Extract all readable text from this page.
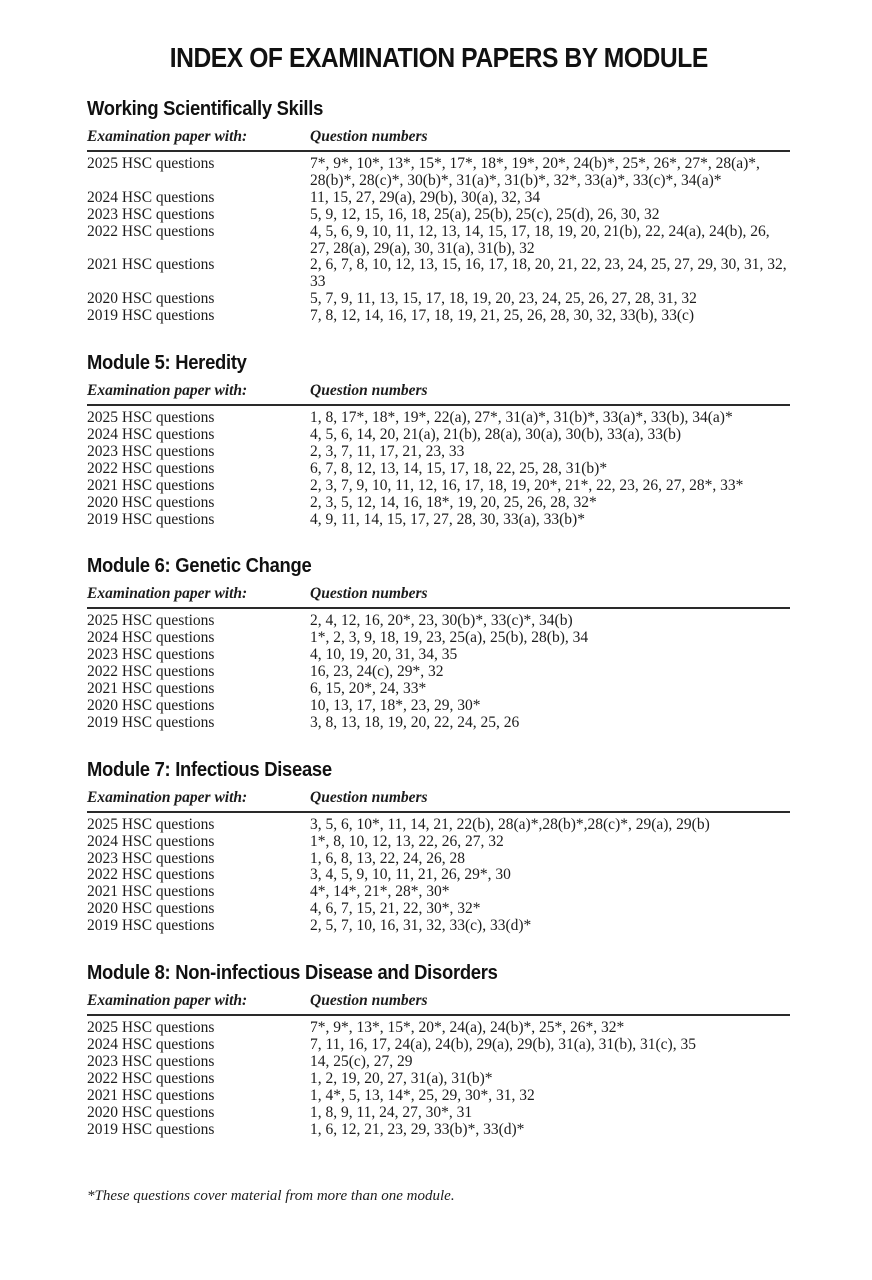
INDEX OF EXAMINATION PAPERS BY MODULE
Working Scientifically Skills
Examination paper with:	Question numbers
2025 HSC questions	7*, 9*, 10*, 13*, 15*, 17*, 18*, 19*, 20*, 24(b)*, 25*, 26*, 27*, 28(a)*, 28(b)*, 28(c)*, 30(b)*, 31(a)*, 31(b)*, 32*, 33(a)*, 33(c)*, 34(a)*
2024 HSC questions	11, 15, 27, 29(a), 29(b), 30(a), 32, 34
2023 HSC questions	5, 9, 12, 15, 16, 18, 25(a), 25(b), 25(c), 25(d), 26, 30, 32
2022 HSC questions	4, 5, 6, 9, 10, 11, 12, 13, 14, 15, 17, 18, 19, 20, 21(b), 22, 24(a), 24(b), 26, 27, 28(a), 29(a), 30, 31(a), 31(b), 32
2021 HSC questions	2, 6, 7, 8, 10, 12, 13, 15, 16, 17, 18, 20, 21, 22, 23, 24, 25, 27, 29, 30, 31, 32, 33
2020 HSC questions	5, 7, 9, 11, 13, 15, 17, 18, 19, 20, 23, 24, 25, 26, 27, 28, 31, 32
2019 HSC questions	7, 8, 12, 14, 16, 17, 18, 19, 21, 25, 26, 28, 30, 32, 33(b), 33(c)
Module 5: Heredity
Examination paper with:	Question numbers
2025 HSC questions	1, 8, 17*, 18*, 19*, 22(a), 27*, 31(a)*, 31(b)*, 33(a)*, 33(b), 34(a)*
2024 HSC questions	4, 5, 6, 14, 20, 21(a), 21(b), 28(a), 30(a), 30(b), 33(a), 33(b)
2023 HSC questions	2, 3, 7, 11, 17, 21, 23, 33
2022 HSC questions	6, 7, 8, 12, 13, 14, 15, 17, 18, 22, 25, 28, 31(b)*
2021 HSC questions	2, 3, 7, 9, 10, 11, 12, 16, 17, 18, 19, 20*, 21*, 22, 23, 26, 27, 28*, 33*
2020 HSC questions	2, 3, 5, 12, 14, 16, 18*, 19, 20, 25, 26, 28, 32*
2019 HSC questions	4, 9, 11, 14, 15, 17, 27, 28, 30, 33(a), 33(b)*
Module 6: Genetic Change
Examination paper with:	Question numbers
2025 HSC questions	2, 4, 12, 16, 20*, 23, 30(b)*, 33(c)*, 34(b)
2024 HSC questions	1*, 2, 3, 9, 18, 19, 23, 25(a), 25(b), 28(b), 34
2023 HSC questions	4, 10, 19, 20, 31, 34, 35
2022 HSC questions	16, 23, 24(c), 29*, 32
2021 HSC questions	6, 15, 20*, 24, 33*
2020 HSC questions	10, 13, 17, 18*, 23, 29, 30*
2019 HSC questions	3, 8, 13, 18, 19, 20, 22, 24, 25, 26
Module 7: Infectious Disease
Examination paper with:	Question numbers
2025 HSC questions	3, 5, 6, 10*, 11, 14, 21, 22(b), 28(a)*,28(b)*,28(c)*, 29(a), 29(b)
2024 HSC questions	1*, 8, 10, 12, 13, 22, 26, 27, 32
2023 HSC questions	1, 6, 8, 13, 22, 24, 26, 28
2022 HSC questions	3, 4, 5, 9, 10, 11, 21, 26, 29*, 30
2021 HSC questions	4*, 14*, 21*, 28*, 30*
2020 HSC questions	4, 6, 7, 15, 21, 22, 30*, 32*
2019 HSC questions	2, 5, 7, 10, 16, 31, 32, 33(c), 33(d)*
Module 8: Non-infectious Disease and Disorders
Examination paper with:	Question numbers
2025 HSC questions	7*, 9*, 13*, 15*, 20*, 24(a), 24(b)*, 25*, 26*, 32*
2024 HSC questions	7, 11, 16, 17, 24(a), 24(b), 29(a), 29(b), 31(a), 31(b), 31(c), 35
2023 HSC questions	14, 25(c), 27, 29
2022 HSC questions	1, 2, 19, 20, 27, 31(a), 31(b)*
2021 HSC questions	1, 4*, 5, 13, 14*, 25, 29, 30*, 31, 32
2020 HSC questions	1, 8, 9, 11, 24, 27, 30*, 31
2019 HSC questions	1, 6, 12, 21, 23, 29, 33(b)*, 33(d)*

*These questions cover material from more than one module.
